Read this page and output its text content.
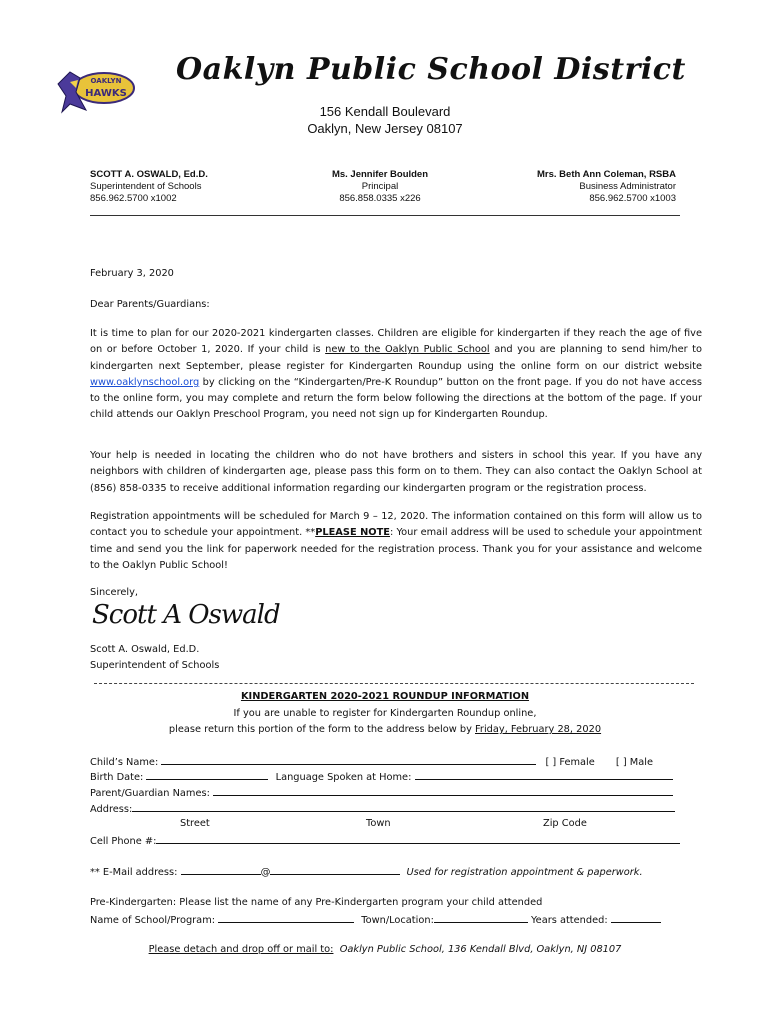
OAKLYN
HAWKS
Oaklyn Public School District
156 Kendall Boulevard
Oaklyn, New Jersey 08107
SCOTT A. OSWALD, Ed.D.
Superintendent of Schools
856.962.5700 x1002
Ms. Jennifer Boulden
Principal
856.858.0335 x226
Mrs. Beth Ann Coleman, RSBA
Business Administrator
856.962.5700 x1003
February 3, 2020
Dear Parents/Guardians:
It is time to plan for our 2020-2021 kindergarten classes. Children are eligible for kindergarten if they reach the age of five on or before October 1, 2020. If your child is new to the Oaklyn Public School and you are planning to send him/her to kindergarten next September, please register for Kindergarten Roundup using the online form on our district website www.oaklynschool.org by clicking on the “Kindergarten/Pre-K Roundup” button on the front page. If you do not have access to the online form, you may complete and return the form below following the directions at the bottom of the page. If your child attends our Oaklyn Preschool Program, you need not sign up for Kindergarten Roundup.
Your help is needed in locating the children who do not have brothers and sisters in school this year. If you have any neighbors with children of kindergarten age, please pass this form on to them. They can also contact the Oaklyn School at (856) 858-0335 to receive additional information regarding our kindergarten program or the registration process.
Registration appointments will be scheduled for March 9 – 12, 2020. The information contained on this form will allow us to contact you to schedule your appointment. **PLEASE NOTE: Your email address will be used to schedule your appointment time and send you the link for paperwork needed for the registration process. Thank you for your assistance and welcome to the Oaklyn Public School!
Sincerely,
Scott A Oswald
Scott A. Oswald, Ed.D.
Superintendent of Schools
KINDERGARTEN 2020-2021 ROUNDUP INFORMATION
If you are unable to register for Kindergarten Roundup online,
please return this portion of the form to the address below by Friday, February 28, 2020
Child’s Name:	[ ] Female [ ] Male
Birth Date:	Language Spoken at Home:
Parent/Guardian Names:
Address:
Street	Town	Zip Code
Cell Phone #:
** E-Mail address:	@	Used for registration appointment & paperwork.
Pre-Kindergarten: Please list the name of any Pre-Kindergarten program your child attended
Name of School/Program:	Town/Location:	Years attended:
Please detach and drop off or mail to: Oaklyn Public School, 136 Kendall Blvd, Oaklyn, NJ 08107
